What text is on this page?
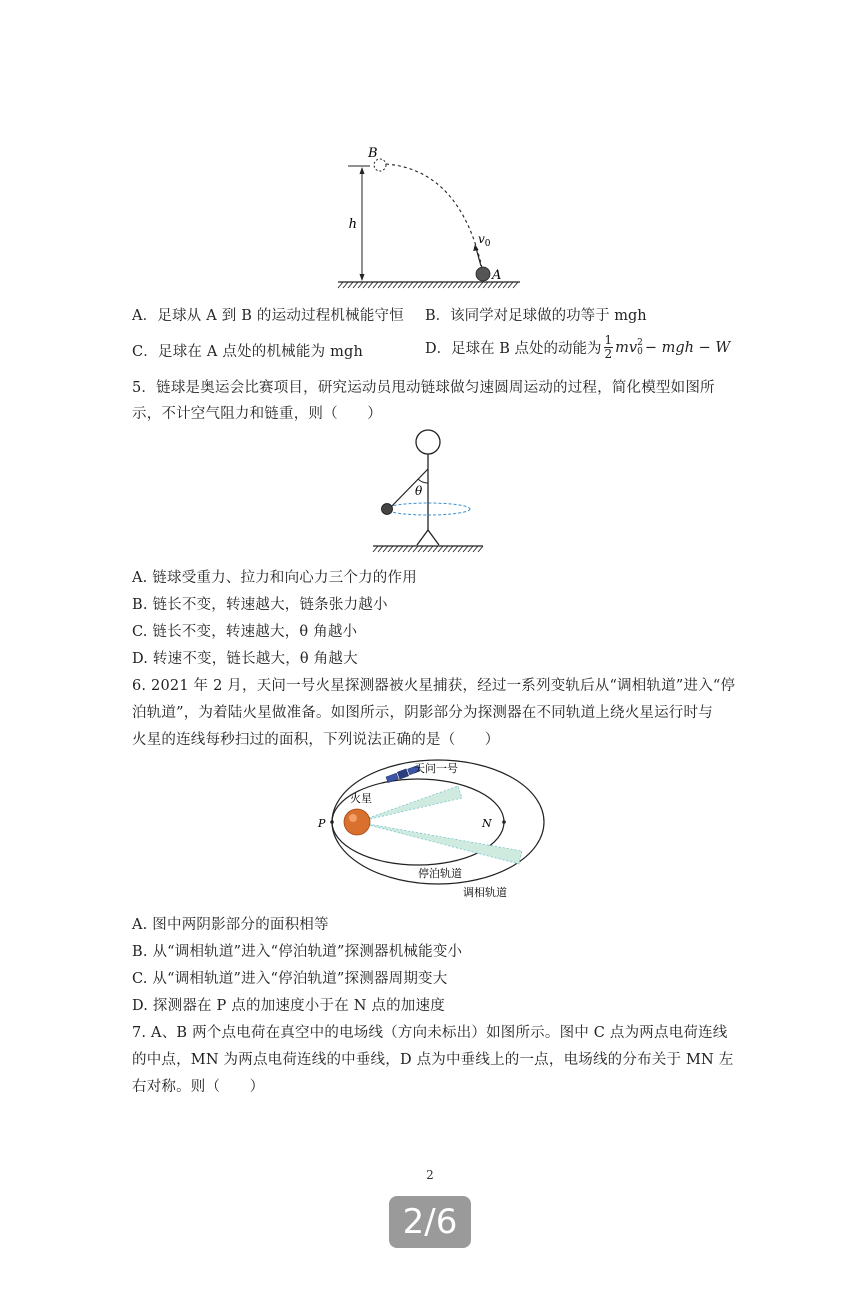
h
B
$v_0$
A
A．足球从 A 到 B 的运动过程机械能守恒 B．该同学对足球做的功等于 mgh
C．足球在 A 点处的机械能为 mgh	D．足球在 B 点处的动能为 $\frac{1}{2}$ mv 2
0 − mgh − W
5．链球是奥运会比赛项目，研究运动员甩动链球做匀速圆周运动的过程，简化模型如图所
示，不计空气阻力和链重，则（　　）
θ
A. 链球受重力、拉力和向心力三个力的作用
B. 链长不变，转速越大，链条张力越小
C. 链长不变，转速越大，θ 角越小
D. 转速不变，链长越大，θ 角越大
6. 2021 年 2 月，天问一号火星探测器被火星捕获，经过一系列变轨后从“调相轨道”进入“停
泊轨道”，为着陆火星做准备。如图所示，阴影部分为探测器在不同轨道上绕火星运行时与
火星的连线每秒扫过的面积，下列说法正确的是（　　）
火星
P	N
天问一号
停泊轨道
调相轨道
A. 图中两阴影部分的面积相等
B. 从“调相轨道”进入“停泊轨道”探测器机械能变小
C. 从“调相轨道”进入“停泊轨道”探测器周期变大
D. 探测器在 P 点的加速度小于在 N 点的加速度
7. A、B 两个点电荷在真空中的电场线（方向未标出）如图所示。图中 C 点为两点电荷连线
的中点，MN 为两点电荷连线的中垂线，D 点为中垂线上的一点，电场线的分布关于 MN 左
右对称。则（　　）
2
2/6
